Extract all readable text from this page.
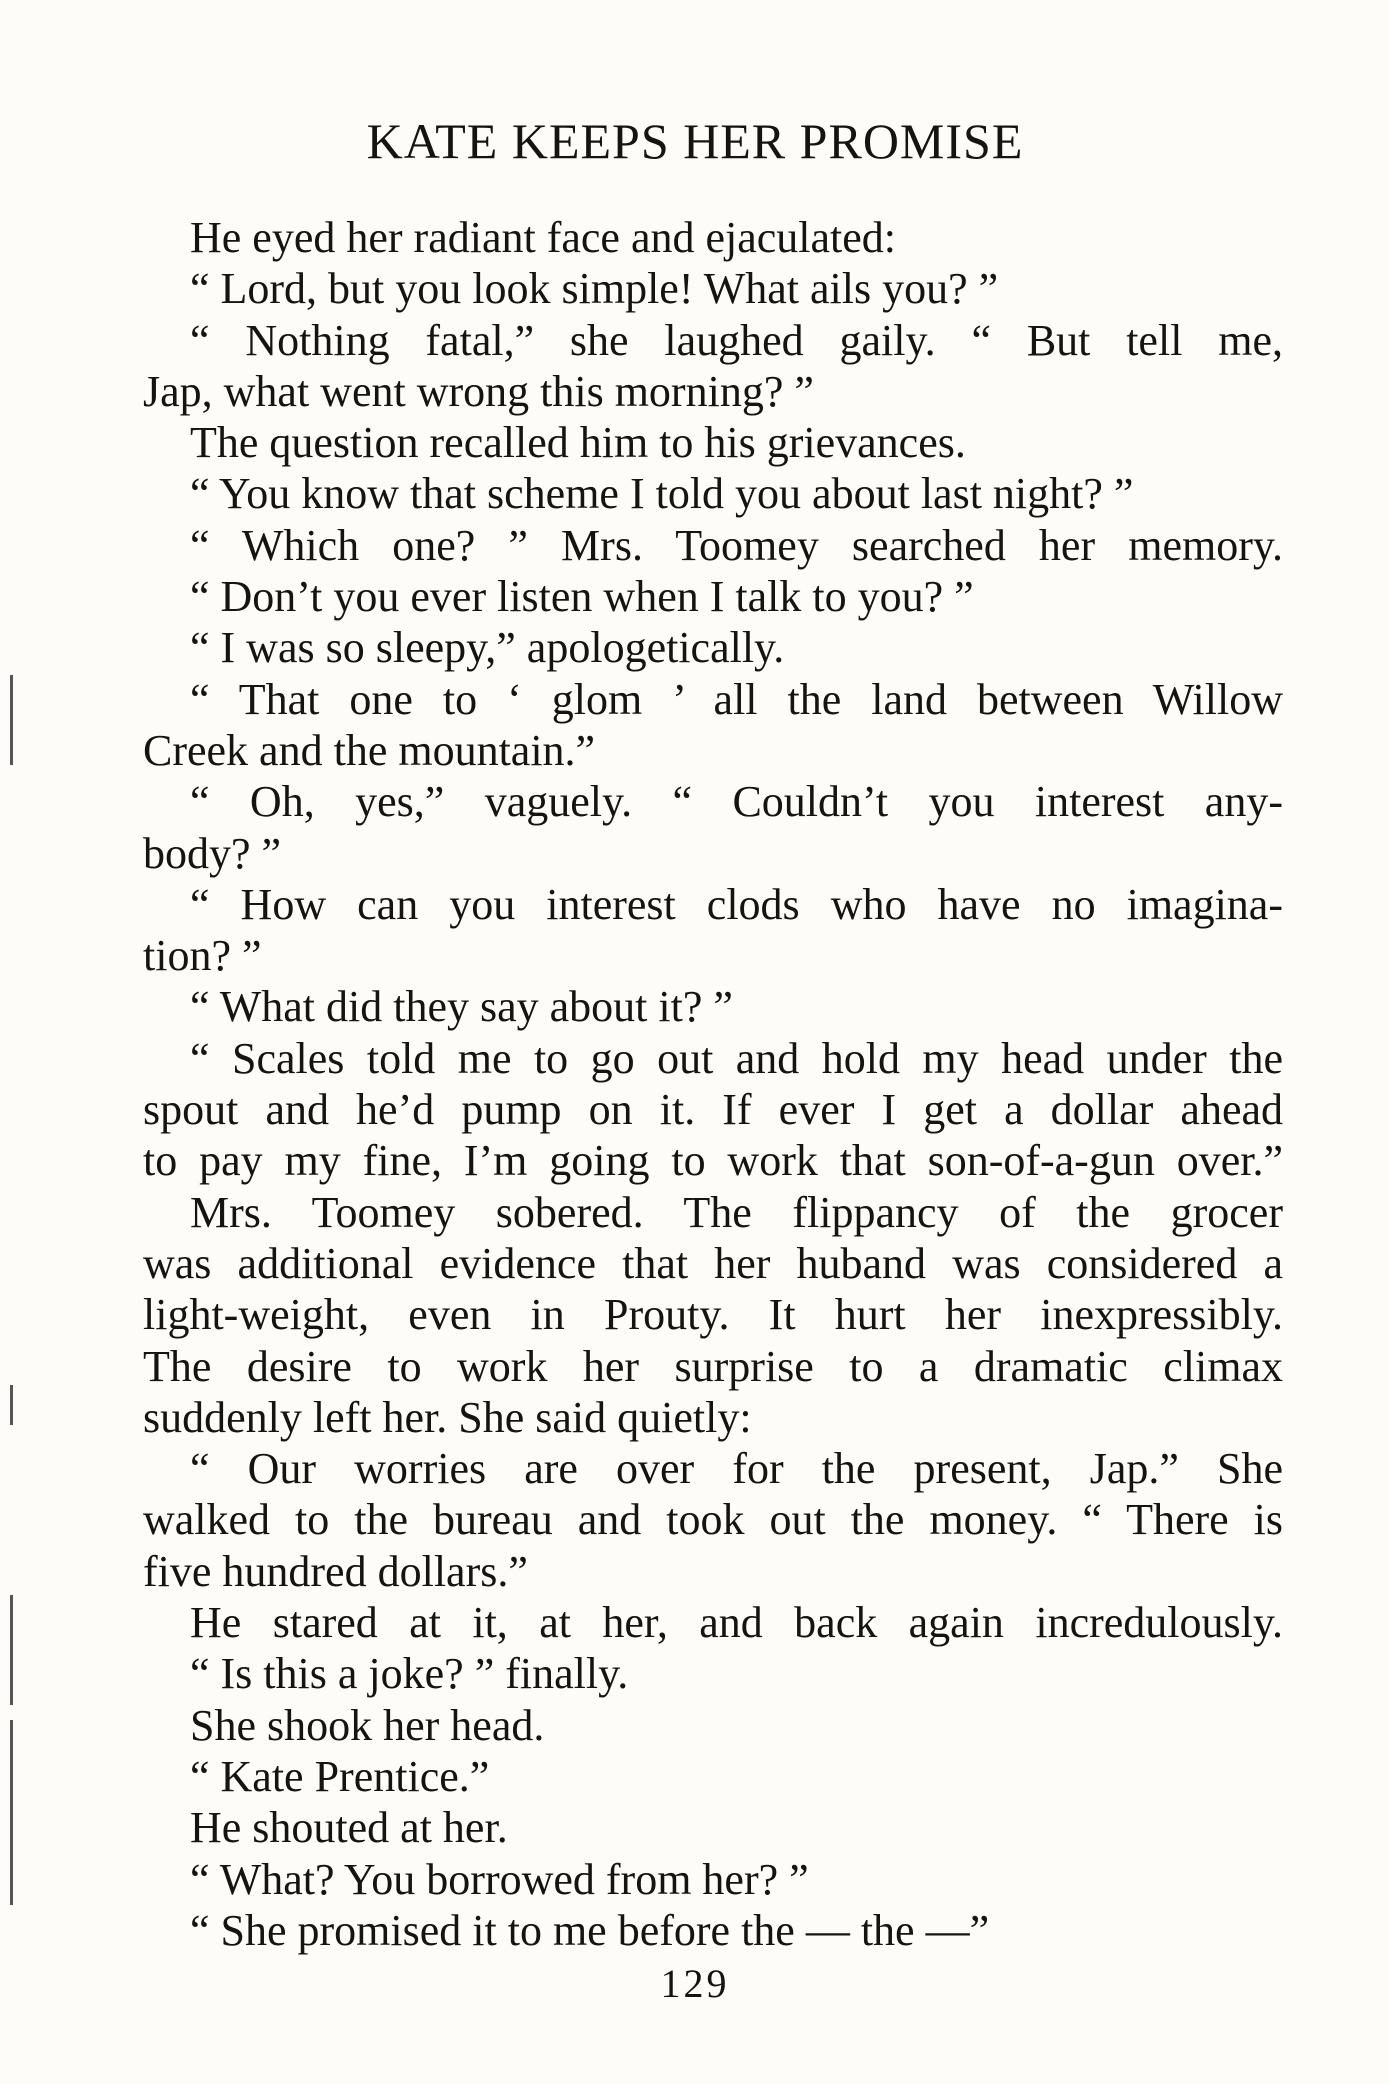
KATE KEEPS HER PROMISE
He eyed her radiant face and ejaculated:
“ Lord, but you look simple! What ails you? ”
“ Nothing fatal,” she laughed gaily. “ But tell me,
Jap, what went wrong this morning? ”
The question recalled him to his grievances.
“ You know that scheme I told you about last night? ”
“ Which one? ” Mrs. Toomey searched her memory.
“ Don’t you ever listen when I talk to you? ”
“ I was so sleepy,” apologetically.
“ That one to ‘ glom ’ all the land between Willow
Creek and the mountain.”
“ Oh, yes,” vaguely. “ Couldn’t you interest any-
body? ”
“ How can you interest clods who have no imagina-
tion? ”
“ What did they say about it? ”
“ Scales told me to go out and hold my head under the
spout and he’d pump on it. If ever I get a dollar ahead
to pay my fine, I’m going to work that son-of-a-gun over.”
Mrs. Toomey sobered. The flippancy of the grocer
was additional evidence that her huband was considered a
light-weight, even in Prouty. It hurt her inexpressibly.
The desire to work her surprise to a dramatic climax
suddenly left her. She said quietly:
“ Our worries are over for the present, Jap.” She
walked to the bureau and took out the money. “ There is
five hundred dollars.”
He stared at it, at her, and back again incredulously.
“ Is this a joke? ” finally.
She shook her head.
“ Kate Prentice.”
He shouted at her.
“ What? You borrowed from her? ”
“ She promised it to me before the — the —”
129
